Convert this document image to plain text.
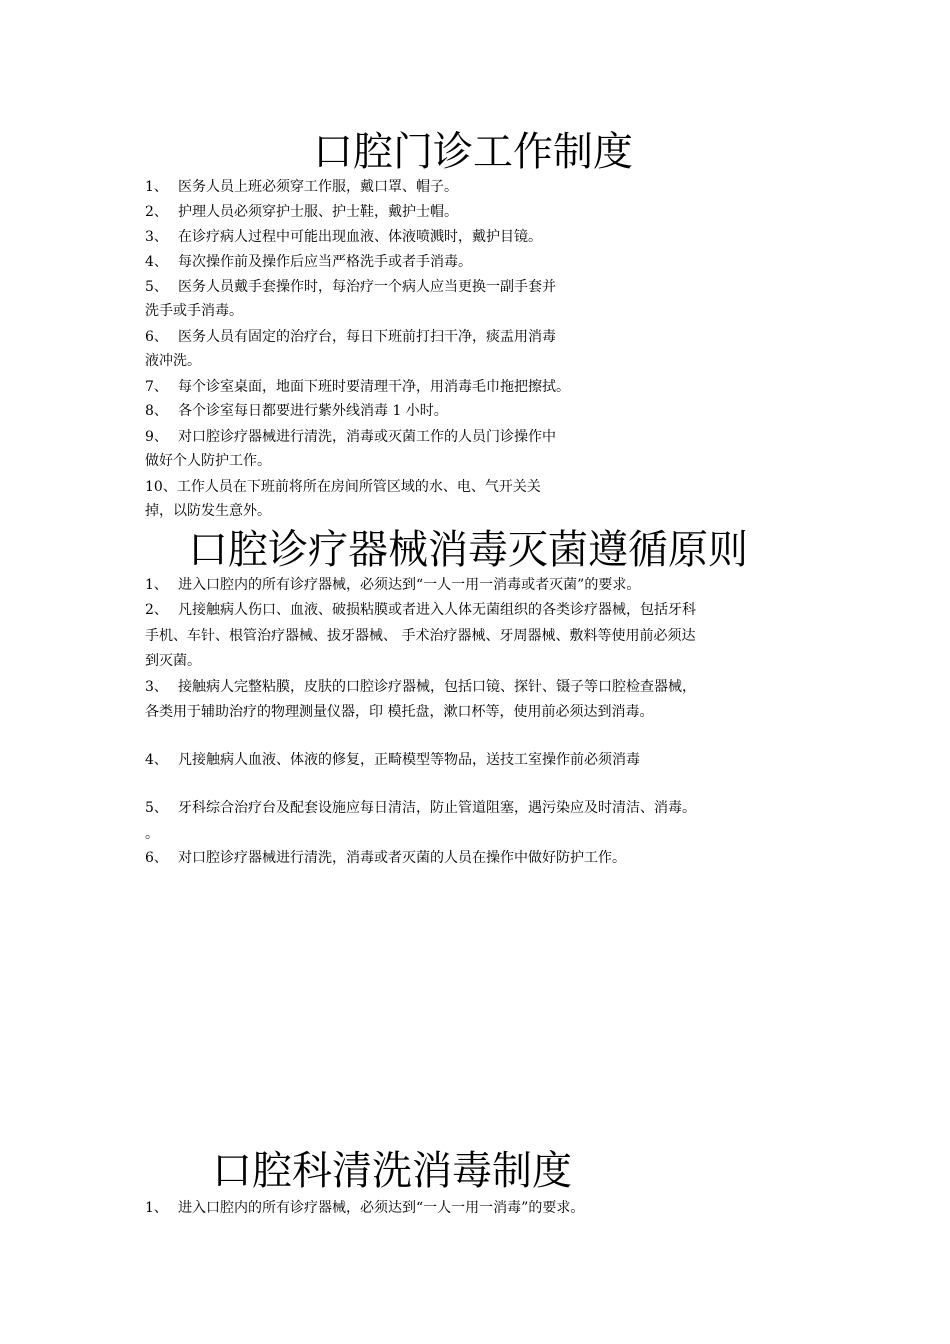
口腔门诊工作制度
口腔诊疗器械消毒灭菌遵循原则
口腔科清洗消毒制度

1、 医务人员上班必须穿工作服，戴口罩、帽子。

2、 护理人员必须穿护士服、护士鞋，戴护士帽。

3、 在诊疗病人过程中可能出现血液、体液喷溅时，戴护目镜。

4、 每次操作前及操作后应当严格洗手或者手消毒。

5、 医务人员戴手套操作时，每治疗一个病人应当更换一副手套并

洗手或手消毒。

6、 医务人员有固定的治疗台，每日下班前打扫干净，痰盂用消毒

液冲洗。

7、 每个诊室桌面，地面下班时要清理干净，用消毒毛巾拖把擦拭。

8、 各个诊室每日都要进行紫外线消毒 1 小时。

9、 对口腔诊疗器械进行清洗，消毒或灭菌工作的人员门诊操作中

做好个人防护工作。

10、工作人员在下班前将所在房间所管区域的水、电、气开关关

掉，以防发生意外。

1、 进入口腔内的所有诊疗器械，必须达到“一人一用一消毒或者灭菌”的要求。

2、 凡接触病人伤口、血液、破损粘膜或者进入人体无菌组织的各类诊疗器械，包括牙科

手机、车针、根管治疗器械、拔牙器械、 手术治疗器械、牙周器械、敷料等使用前必须达

到灭菌。

3、 接触病人完整粘膜，皮肤的口腔诊疗器械，包括口镜、探针、镊子等口腔检查器械，

各类用于辅助治疗的物理测量仪器，印 模托盘，漱口杯等，使用前必须达到消毒。

4、 凡接触病人血液、体液的修复，正畸模型等物品，送技工室操作前必须消毒

5、 牙科综合治疗台及配套设施应每日清洁，防止管道阻塞，遇污染应及时清洁、消毒。

。

6、 对口腔诊疗器械进行清洗，消毒或者灭菌的人员在操作中做好防护工作。

1、 进入口腔内的所有诊疗器械，必须达到“一人一用一消毒”的要求。
